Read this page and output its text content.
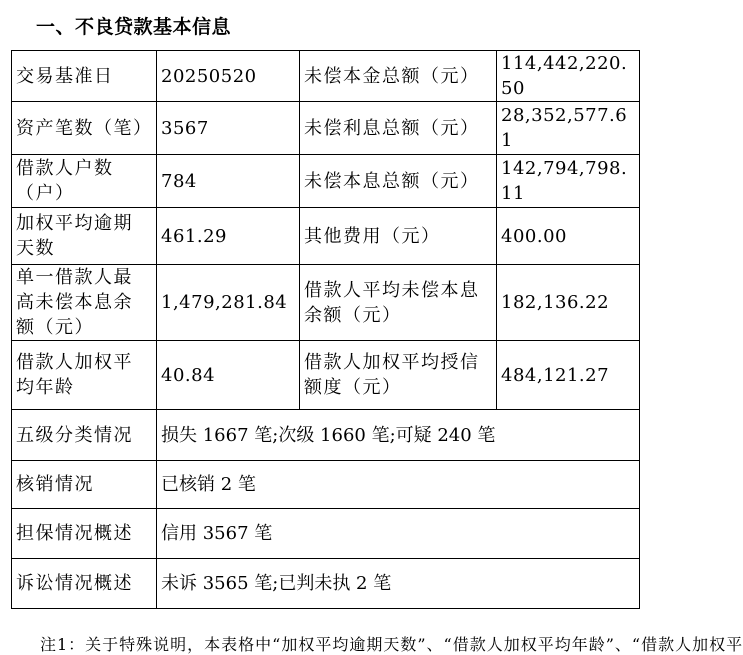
一、不良贷款基本信息
交易基准日	20250520	未偿本金总额（元）	114,442,220.50
资产笔数（笔）	3567	未偿利息总额（元）	28,352,577.61
借款人户数（户）	784	未偿本息总额（元）	142,794,798.11
加权平均逾期天数	461.29	其他费用（元）	400.00
单一借款人最高未偿本息余额（元）	1,479,281.84	借款人平均未偿本息余额（元）	182,136.22
借款人加权平均年龄	40.84	借款人加权平均授信额度（元）	484,121.27
五级分类情况	损失 1667 笔;次级 1660 笔;可疑 240 笔		
核销情况	已核销 2 笔		
担保情况概述	信用 3567 笔		
诉讼情况概述	未诉 3565 笔;已判未执 2 笔		
注1：关于特殊说明，本表格中“加权平均逾期天数”、“借款人加权平均年龄”、“借款人加权平
